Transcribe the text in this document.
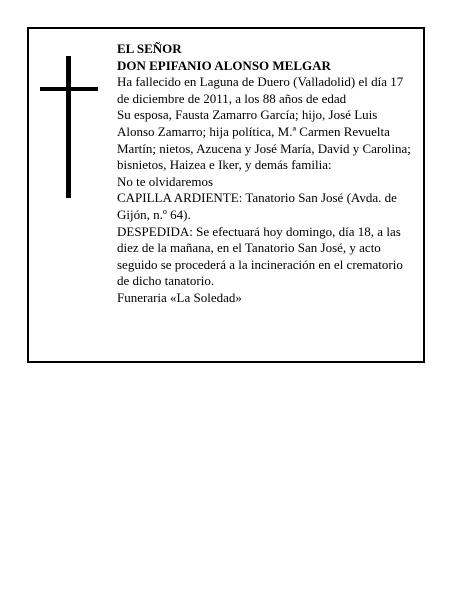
EL SEÑOR

DON EPIFANIO ALONSO MELGAR

Ha fallecido en Laguna de Duero (Valladolid) el día 17 de diciembre de 2011, a los 88 años de edad

Su esposa, Fausta Zamarro García; hijo, José Luis Alonso Zamarro; hija política, M.ª Carmen Revuelta Martín; nietos, Azucena y José María, David y Carolina; bisnietos, Haizea e Iker, y demás familia:

No te olvidaremos

CAPILLA ARDIENTE: Tanatorio San José (Avda. de Gijón, n.º 64).

DESPEDIDA: Se efectuará hoy domingo, día 18, a las diez de la mañana, en el Tanatorio San José, y acto seguido se procederá a la incineración en el crematorio de dicho tanatorio.

Funeraria «La Soledad»
